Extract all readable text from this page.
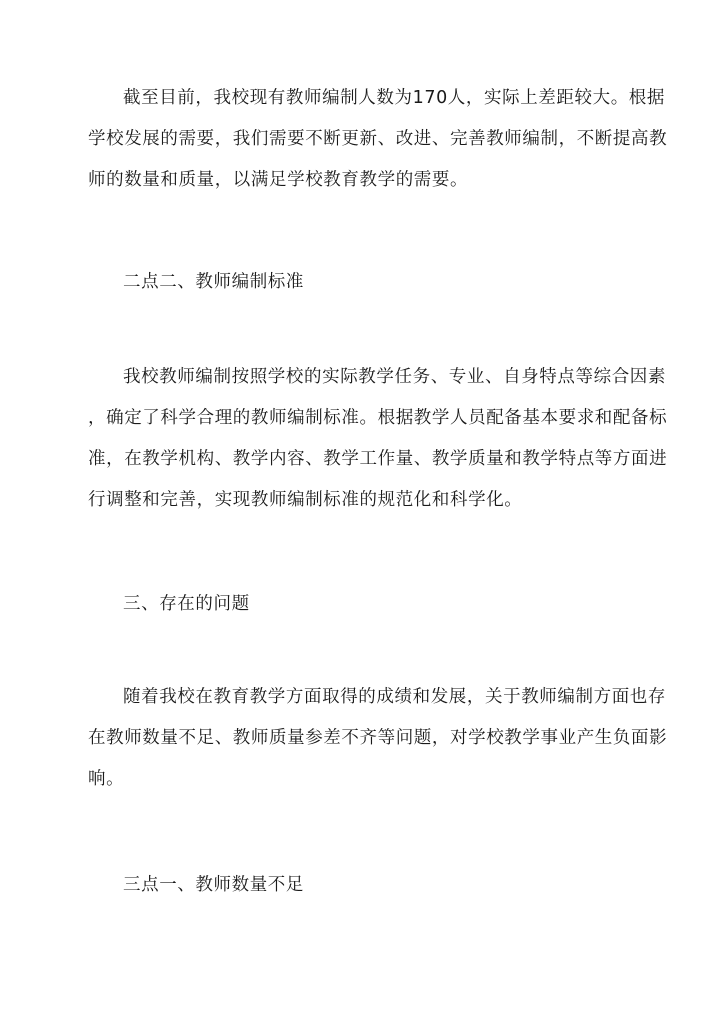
截至目前，我校现有教师编制人数为170人，实际上差距较大。根据
学校发展的需要，我们需要不断更新、改进、完善教师编制，不断提高教
师的数量和质量，以满足学校教育教学的需要。
二点二、教师编制标准
我校教师编制按照学校的实际教学任务、专业、自身特点等综合因素
，确定了科学合理的教师编制标准。根据教学人员配备基本要求和配备标
准，在教学机构、教学内容、教学工作量、教学质量和教学特点等方面进
行调整和完善，实现教师编制标准的规范化和科学化。
三、存在的问题
随着我校在教育教学方面取得的成绩和发展，关于教师编制方面也存
在教师数量不足、教师质量参差不齐等问题，对学校教学事业产生负面影
响。
三点一、教师数量不足
